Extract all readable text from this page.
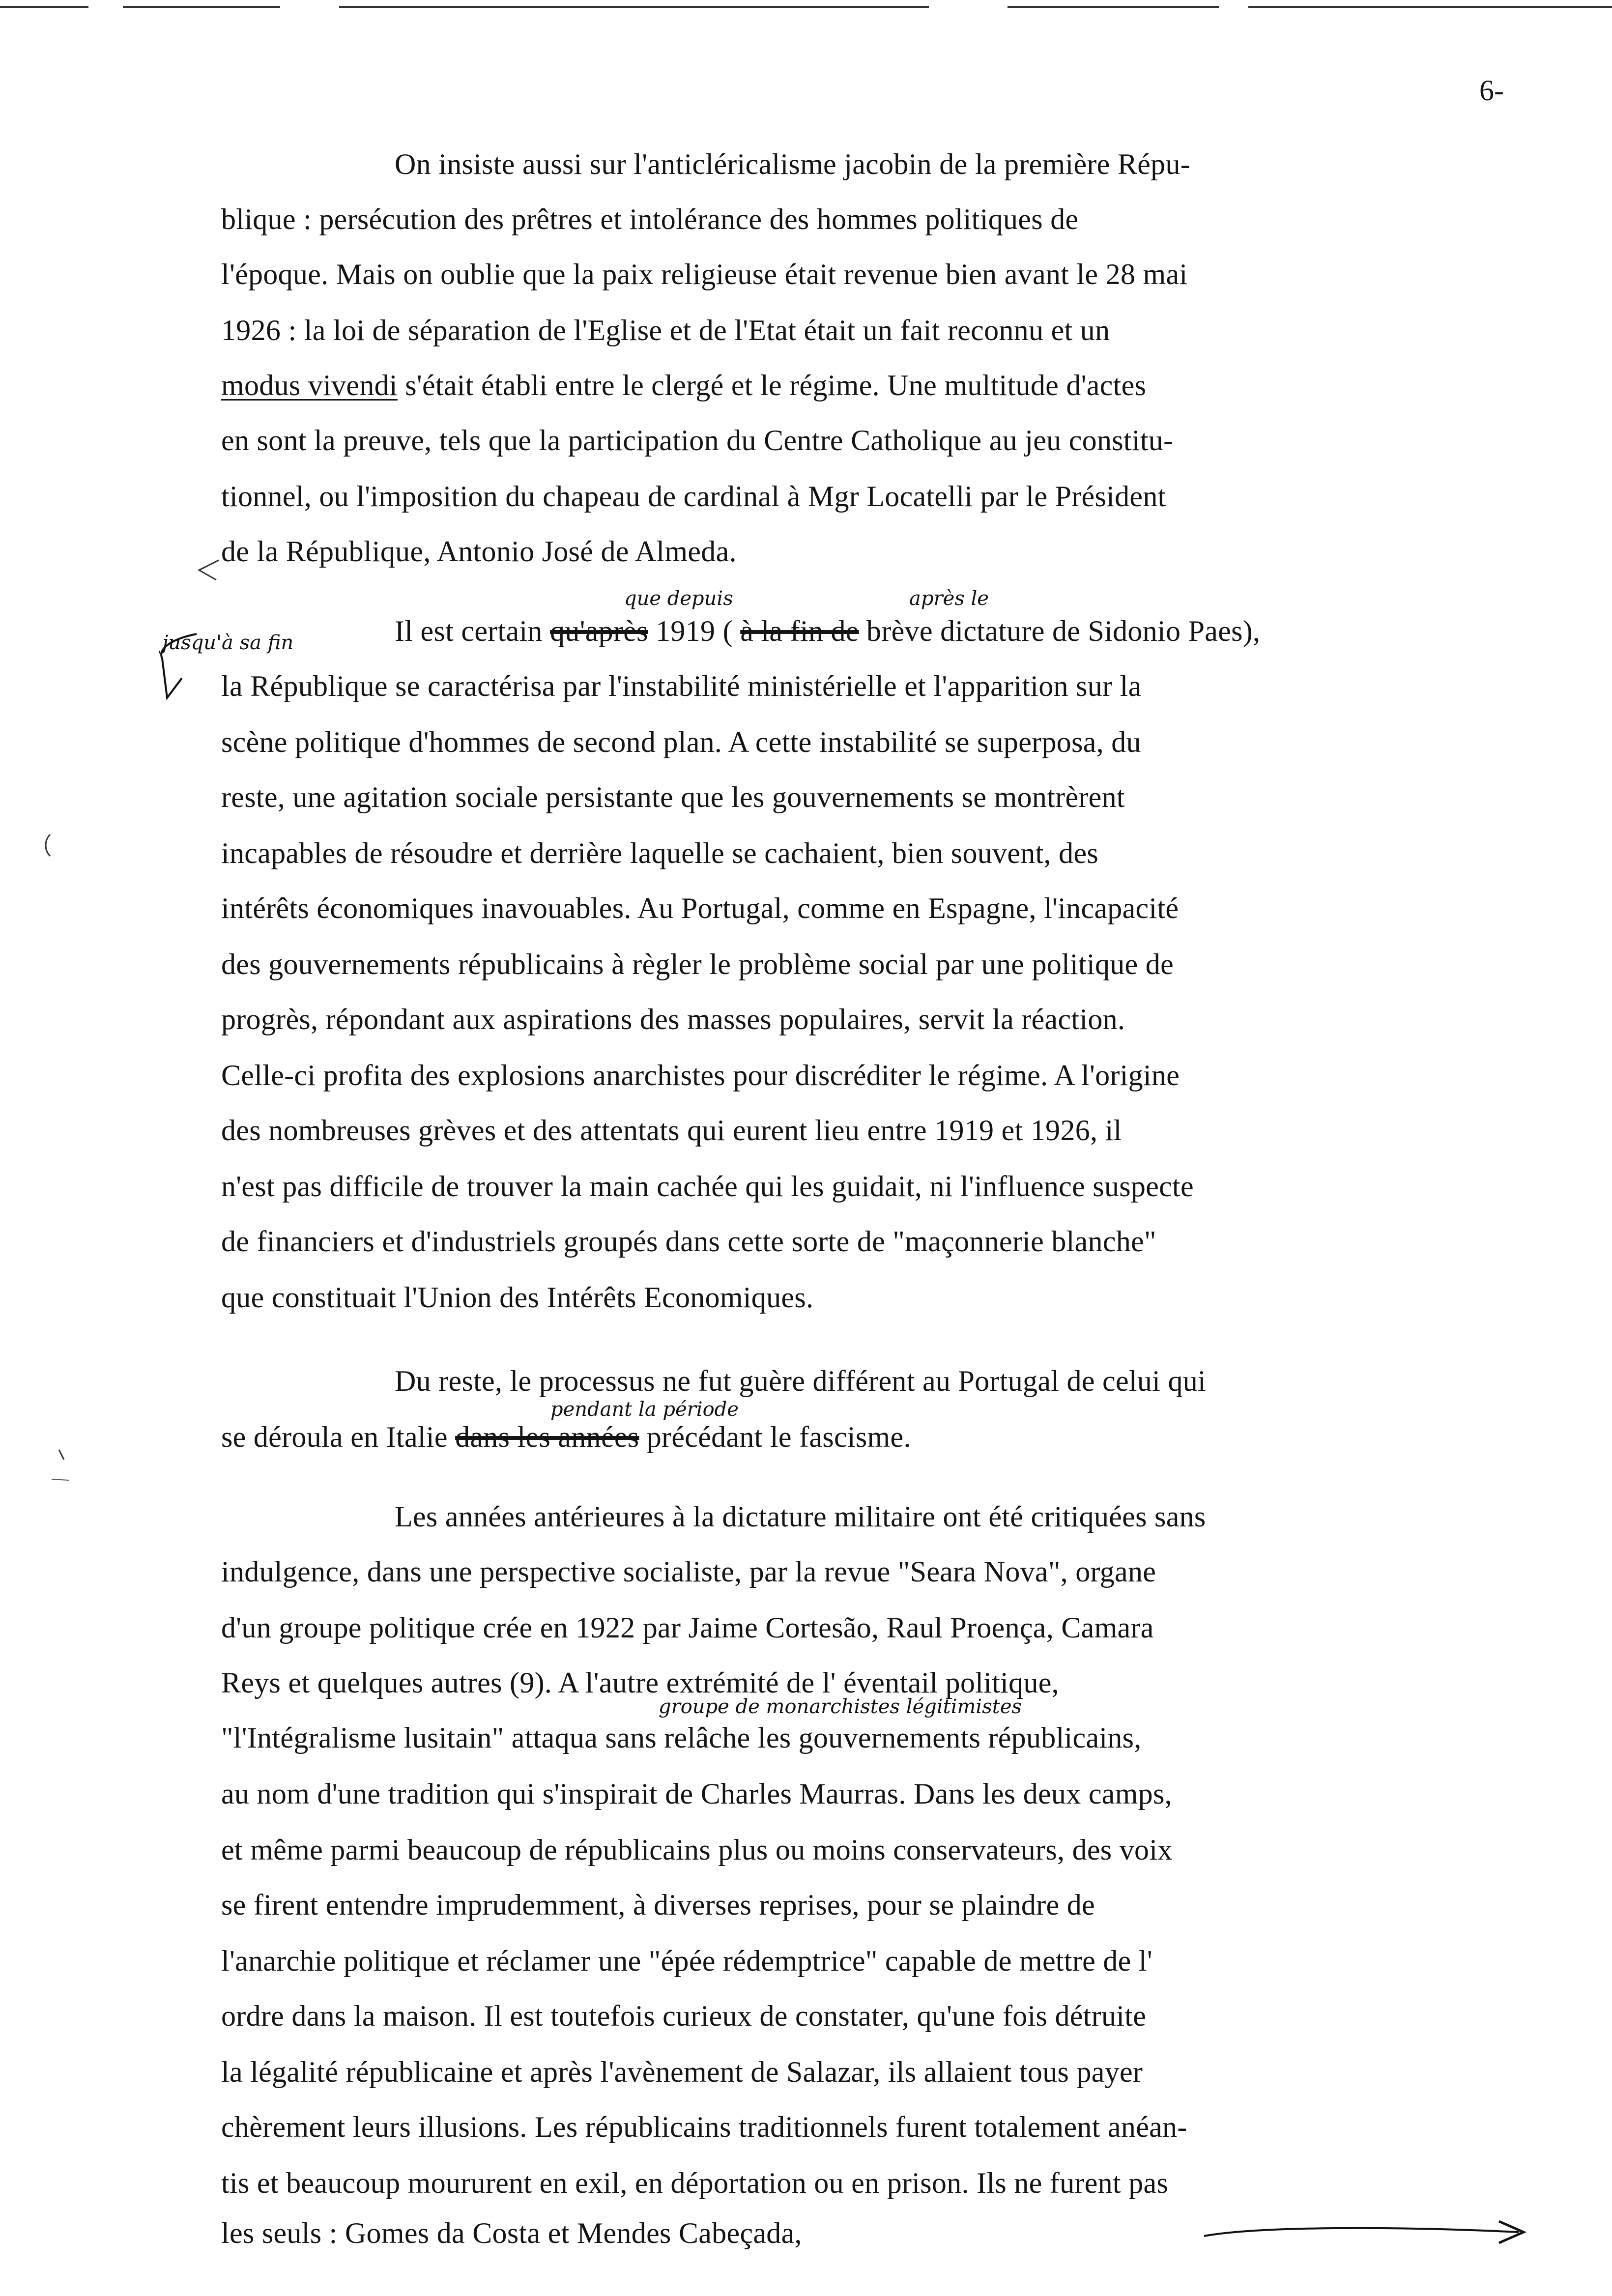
6-
On insiste aussi sur l'anticléricalisme jacobin de la première Répu-
blique : persécution des prêtres et intolérance des hommes politiques de
l'époque. Mais on oublie que la paix religieuse était revenue bien avant le 28 mai
1926 : la loi de séparation de l'Eglise et de l'Etat était un fait reconnu et un
modus vivendi s'était établi entre le clergé et le régime. Une multitude d'actes
en sont la preuve, tels que la participation du Centre Catholique au jeu constitu-
tionnel, ou l'imposition du chapeau de cardinal à Mgr Locatelli par le Président
de la République, Antonio José de Almeda.
Il est certain qu'après 1919 ( à la fin de brève dictature de Sidonio Paes),
la République se caractérisa par l'instabilité ministérielle et l'apparition sur la
scène politique d'hommes de second plan. A cette instabilité se superposa, du
reste, une agitation sociale persistante que les gouvernements se montrèrent
incapables de résoudre et derrière laquelle se cachaient, bien souvent, des
intérêts économiques inavouables. Au Portugal, comme en Espagne, l'incapacité
des gouvernements républicains à règler le problème social par une politique de
progrès, répondant aux aspirations des masses populaires, servit la réaction.
Celle-ci profita des explosions anarchistes pour discréditer le régime. A l'origine
des nombreuses grèves et des attentats qui eurent lieu entre 1919 et 1926, il
n'est pas difficile de trouver la main cachée qui les guidait, ni l'influence suspecte
de financiers et d'industriels groupés dans cette sorte de "maçonnerie blanche"
que constituait l'Union des Intérêts Economiques.
Du reste, le processus ne fut guère différent au Portugal de celui qui
se déroula en Italie dans les années précédant le fascisme.
Les années antérieures à la dictature militaire ont été critiquées sans
indulgence, dans une perspective socialiste, par la revue "Seara Nova", organe
d'un groupe politique crée en 1922 par Jaime Cortesão, Raul Proença, Camara
Reys et quelques autres (9). A l'autre extrémité de l' éventail politique,
"l'Intégralisme lusitain" attaqua sans relâche les gouvernements républicains,
au nom d'une tradition qui s'inspirait de Charles Maurras. Dans les deux camps,
et même parmi beaucoup de républicains plus ou moins conservateurs, des voix
se firent entendre imprudemment, à diverses reprises, pour se plaindre de
l'anarchie politique et réclamer une "épée rédemptrice" capable de mettre de l'
ordre dans la maison. Il est toutefois curieux de constater, qu'une fois détruite
la légalité républicaine et après l'avènement de Salazar, ils allaient tous payer
chèrement leurs illusions. Les républicains traditionnels furent totalement anéan-
tis et beaucoup moururent en exil, en déportation ou en prison. Ils ne furent pas
les seuls : Gomes da Costa et Mendes Cabeçada,
jusqu'à sa fin
que depuis	après le
pendant la période
groupe de monarchistes légitimistes
